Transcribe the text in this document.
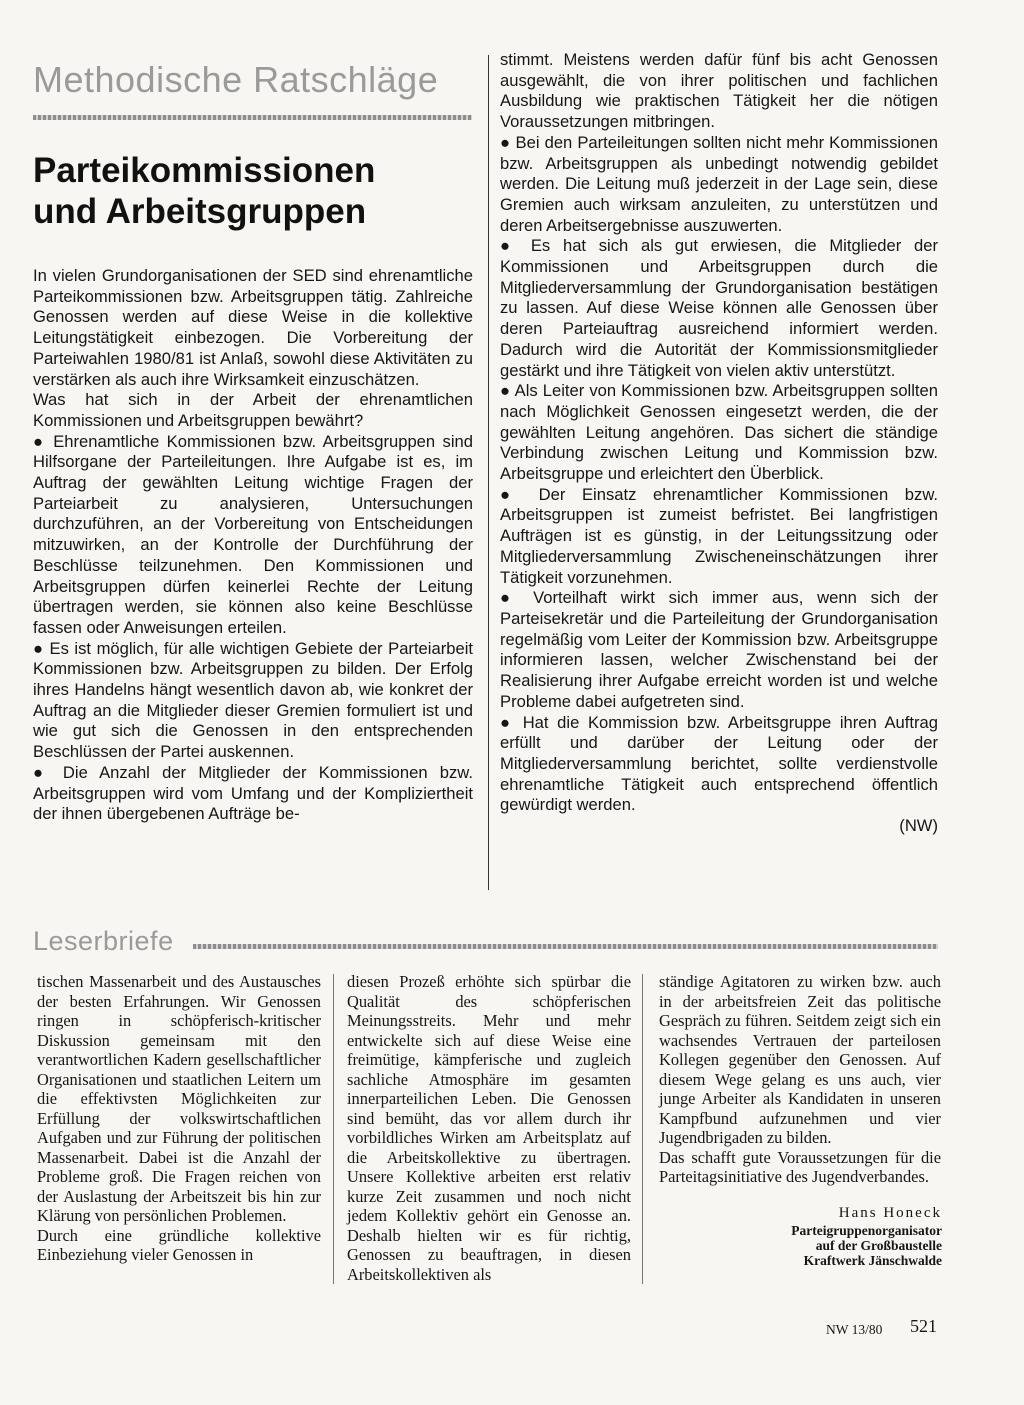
Methodische Ratschläge
Parteikommissionen
und Arbeitsgruppen

In vielen Grundorganisationen der SED sind ehrenamtliche Parteikommissionen bzw. Arbeitsgruppen tätig. Zahlreiche Genossen werden auf diese Weise in die kollektive Leitungstätigkeit einbezogen. Die Vorbereitung der Parteiwahlen 1980/81 ist Anlaß, sowohl diese Aktivitäten zu verstärken als auch ihre Wirksamkeit einzuschätzen.

Was hat sich in der Arbeit der ehrenamtlichen Kommissionen und Arbeitsgruppen bewährt?

● Ehrenamtliche Kommissionen bzw. Arbeitsgruppen sind Hilfsorgane der Parteileitungen. Ihre Aufgabe ist es, im Auftrag der gewählten Leitung wichtige Fragen der Parteiarbeit zu analysieren, Untersuchungen durchzuführen, an der Vorbereitung von Entscheidungen mitzuwirken, an der Kontrolle der Durchführung der Beschlüsse teilzunehmen. Den Kommissionen und Arbeitsgruppen dürfen keinerlei Rechte der Leitung übertragen werden, sie können also keine Beschlüsse fassen oder Anweisungen erteilen.

● Es ist möglich, für alle wichtigen Gebiete der Parteiarbeit Kommissionen bzw. Arbeitsgruppen zu bilden. Der Erfolg ihres Handelns hängt wesentlich davon ab, wie konkret der Auftrag an die Mitglieder dieser Gremien formuliert ist und wie gut sich die Genossen in den entsprechenden Beschlüssen der Partei auskennen.

● Die Anzahl der Mitglieder der Kommissionen bzw. Arbeitsgruppen wird vom Umfang und der Kompliziertheit der ihnen übergebenen Aufträge be-

stimmt. Meistens werden dafür fünf bis acht Genossen ausgewählt, die von ihrer politischen und fachlichen Ausbildung wie praktischen Tätigkeit her die nötigen Voraussetzungen mitbringen.

● Bei den Parteileitungen sollten nicht mehr Kommissionen bzw. Arbeitsgruppen als unbedingt notwendig gebildet werden. Die Leitung muß jederzeit in der Lage sein, diese Gremien auch wirksam anzuleiten, zu unterstützen und deren Arbeitsergebnisse auszuwerten.

● Es hat sich als gut erwiesen, die Mitglieder der Kommissionen und Arbeitsgruppen durch die Mitgliederversammlung der Grundorganisation bestätigen zu lassen. Auf diese Weise können alle Genossen über deren Parteiauftrag ausreichend informiert werden. Dadurch wird die Autorität der Kommissionsmitglieder gestärkt und ihre Tätigkeit von vielen aktiv unterstützt.

● Als Leiter von Kommissionen bzw. Arbeitsgruppen sollten nach Möglichkeit Genossen eingesetzt werden, die der gewählten Leitung angehören. Das sichert die ständige Verbindung zwischen Leitung und Kommission bzw. Arbeitsgruppe und erleichtert den Überblick.

● Der Einsatz ehrenamtlicher Kommissionen bzw. Arbeitsgruppen ist zumeist befristet. Bei langfristigen Aufträgen ist es günstig, in der Leitungssitzung oder Mitgliederversammlung Zwischeneinschätzungen ihrer Tätigkeit vorzunehmen.

● Vorteilhaft wirkt sich immer aus, wenn sich der Parteisekretär und die Parteileitung der Grundorganisation regelmäßig vom Leiter der Kommission bzw. Arbeitsgruppe informieren lassen, welcher Zwischenstand bei der Realisierung ihrer Aufgabe erreicht worden ist und welche Probleme dabei aufgetreten sind.

● Hat die Kommission bzw. Arbeitsgruppe ihren Auftrag erfüllt und darüber der Leitung oder der Mitgliederversammlung berichtet, sollte verdienstvolle ehrenamtliche Tätigkeit auch entsprechend öffentlich gewürdigt werden.

(NW)
Leserbriefe

tischen Massenarbeit und des Austausches der besten Erfahrungen. Wir Genossen ringen in schöpferisch-kritischer Diskussion gemeinsam mit den verantwortlichen Kadern gesellschaftlicher Organisationen und staatlichen Leitern um die effektivsten Möglichkeiten zur Erfüllung der volkswirtschaftlichen Aufgaben und zur Führung der politischen Massenarbeit. Dabei ist die Anzahl der Probleme groß. Die Fragen reichen von der Auslastung der Arbeitszeit bis hin zur Klärung von persönlichen Problemen.

Durch eine gründliche kollektive Einbeziehung vieler Genossen in

diesen Prozeß erhöhte sich spürbar die Qualität des schöpferischen Meinungsstreits. Mehr und mehr entwickelte sich auf diese Weise eine freimütige, kämpferische und zugleich sachliche Atmosphäre im gesamten innerparteilichen Leben. Die Genossen sind bemüht, das vor allem durch ihr vorbildliches Wirken am Arbeitsplatz auf die Arbeitskollektive zu übertragen. Unsere Kollektive arbeiten erst relativ kurze Zeit zusammen und noch nicht jedem Kollektiv gehört ein Genosse an. Deshalb hielten wir es für richtig, Genossen zu beauftragen, in diesen Arbeitskollektiven als

ständige Agitatoren zu wirken bzw. auch in der arbeitsfreien Zeit das politische Gespräch zu führen. Seitdem zeigt sich ein wachsendes Vertrauen der parteilosen Kollegen gegenüber den Genossen. Auf diesem Wege gelang es uns auch, vier junge Arbeiter als Kandidaten in unseren Kampfbund aufzunehmen und vier Jugendbrigaden zu bilden.

Das schafft gute Voraussetzungen für die Parteitagsinitiative des Jugendverbandes.

Hans Honeck
Parteigruppenorganisator
auf der Großbaustelle
Kraftwerk Jänschwalde
NW 13/80 521
